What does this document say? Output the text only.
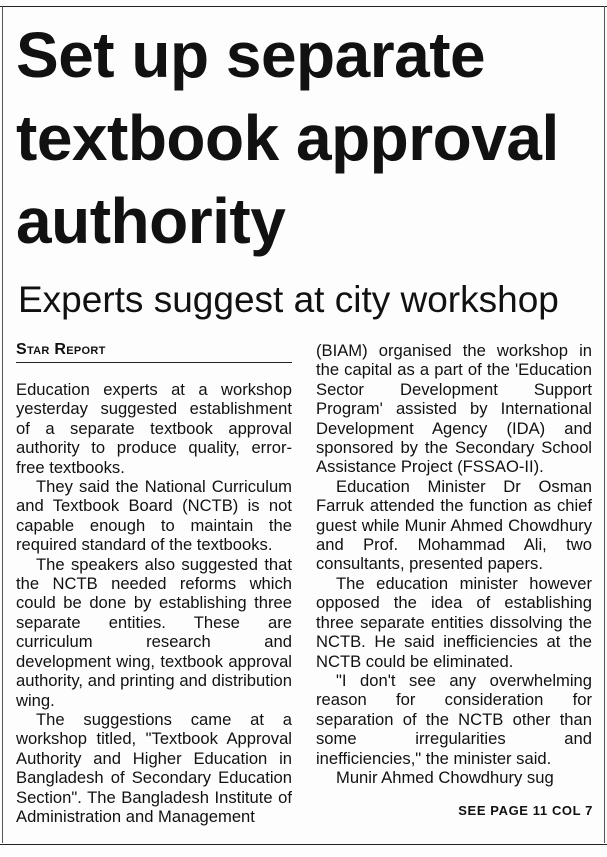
Set up separate
textbook approval
authority
Experts suggest at city workshop
Star Report

Education experts at a workshop yesterday suggested establishment of a separate textbook approval authority to produce quality, error-free textbooks.

They said the National Curriculum and Textbook Board (NCTB) is not capable enough to maintain the required standard of the textbooks.

The speakers also suggested that the NCTB needed reforms which could be done by establishing three separate entities. These are curriculum research and development wing, textbook approval authority, and printing and distribution wing.

The suggestions came at a workshop titled, "Textbook Approval Authority and Higher Education in Bangladesh of Secondary Education Section". The Bangladesh Institute of Administration and Management

(BIAM) organised the workshop in the capital as a part of the 'Education Sector Development Support Program' assisted by International Development Agency (IDA) and sponsored by the Secondary School Assistance Project (FSSAO-II).

Education Minister Dr Osman Farruk attended the function as chief guest while Munir Ahmed Chowdhury and Prof. Mohammad Ali, two consultants, presented papers.

The education minister however opposed the idea of establishing three separate entities dissolving the NCTB. He said inefficiencies at the NCTB could be eliminated.

"I don't see any overwhelming reason for consideration for separation of the NCTB other than some irregularities and inefficiencies," the minister said.

Munir Ahmed Chowdhury sug

SEE PAGE 11 COL 7
